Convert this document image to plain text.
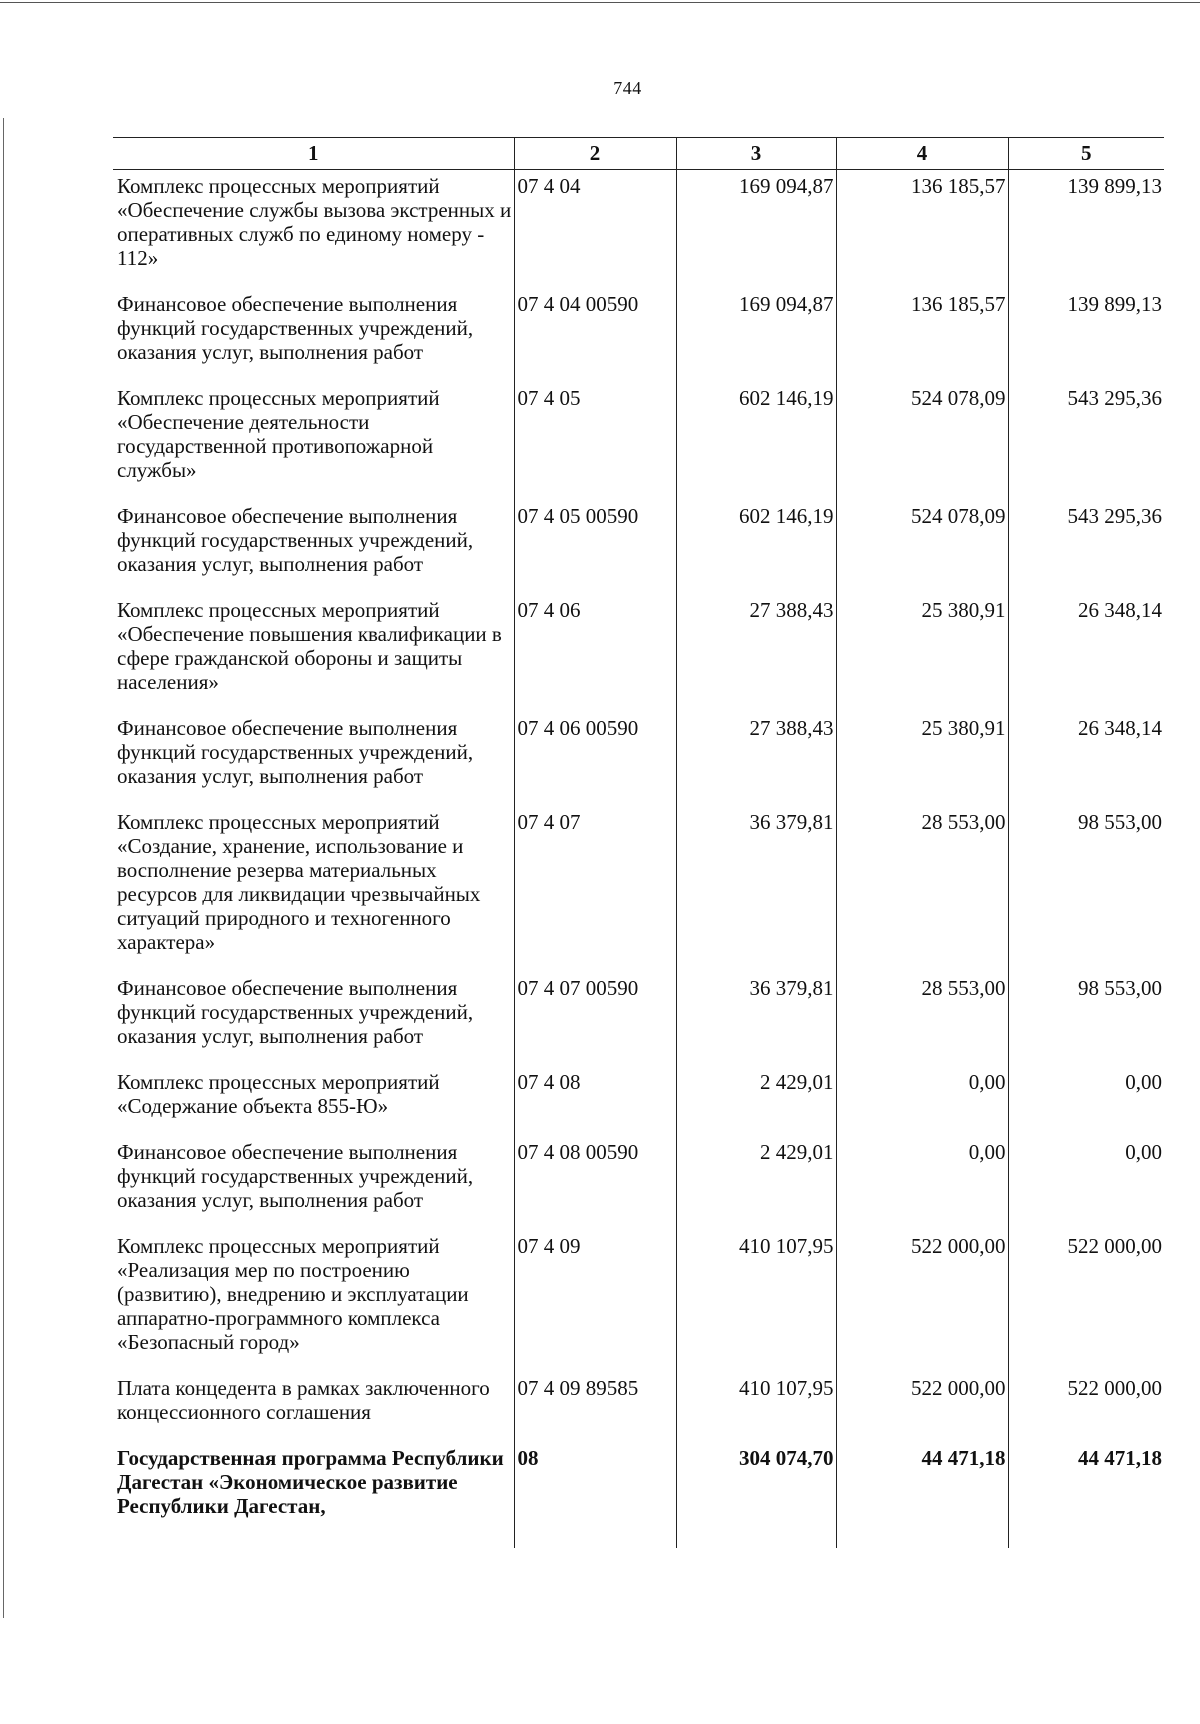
744
1	2	3	4	5
Комплекс процессных мероприятий «Обеспечение службы вызова экстренных и оперативных служб по единому номеру - 112»	07 4 04	169 094,87	136 185,57	139 899,13
Финансовое обеспечение выполнения функций государственных учреждений, оказания услуг, выполнения работ	07 4 04 00590	169 094,87	136 185,57	139 899,13
Комплекс процессных мероприятий «Обеспечение деятельности государственной противопожарной службы»	07 4 05	602 146,19	524 078,09	543 295,36
Финансовое обеспечение выполнения функций государственных учреждений, оказания услуг, выполнения работ	07 4 05 00590	602 146,19	524 078,09	543 295,36
Комплекс процессных мероприятий «Обеспечение повышения квалификации в сфере гражданской обороны и защиты населения»	07 4 06	27 388,43	25 380,91	26 348,14
Финансовое обеспечение выполнения функций государственных учреждений, оказания услуг, выполнения работ	07 4 06 00590	27 388,43	25 380,91	26 348,14
Комплекс процессных мероприятий «Создание, хранение, использование и восполнение резерва материальных ресурсов для ликвидации чрезвычайных ситуаций природного и техногенного характера»	07 4 07	36 379,81	28 553,00	98 553,00
Финансовое обеспечение выполнения функций государственных учреждений, оказания услуг, выполнения работ	07 4 07 00590	36 379,81	28 553,00	98 553,00
Комплекс процессных мероприятий «Содержание объекта 855-Ю»	07 4 08	2 429,01	0,00	0,00
Финансовое обеспечение выполнения функций государственных учреждений, оказания услуг, выполнения работ	07 4 08 00590	2 429,01	0,00	0,00
Комплекс процессных мероприятий «Реализация мер по построению (развитию), внедрению и эксплуатации аппаратно-программного комплекса «Безопасный город»	07 4 09	410 107,95	522 000,00	522 000,00
Плата концедента в рамках заключенного концессионного соглашения	07 4 09 89585	410 107,95	522 000,00	522 000,00
Государственная программа Республики Дагестан «Экономическое развитие Республики Дагестан,	08	304 074,70	44 471,18	44 471,18
